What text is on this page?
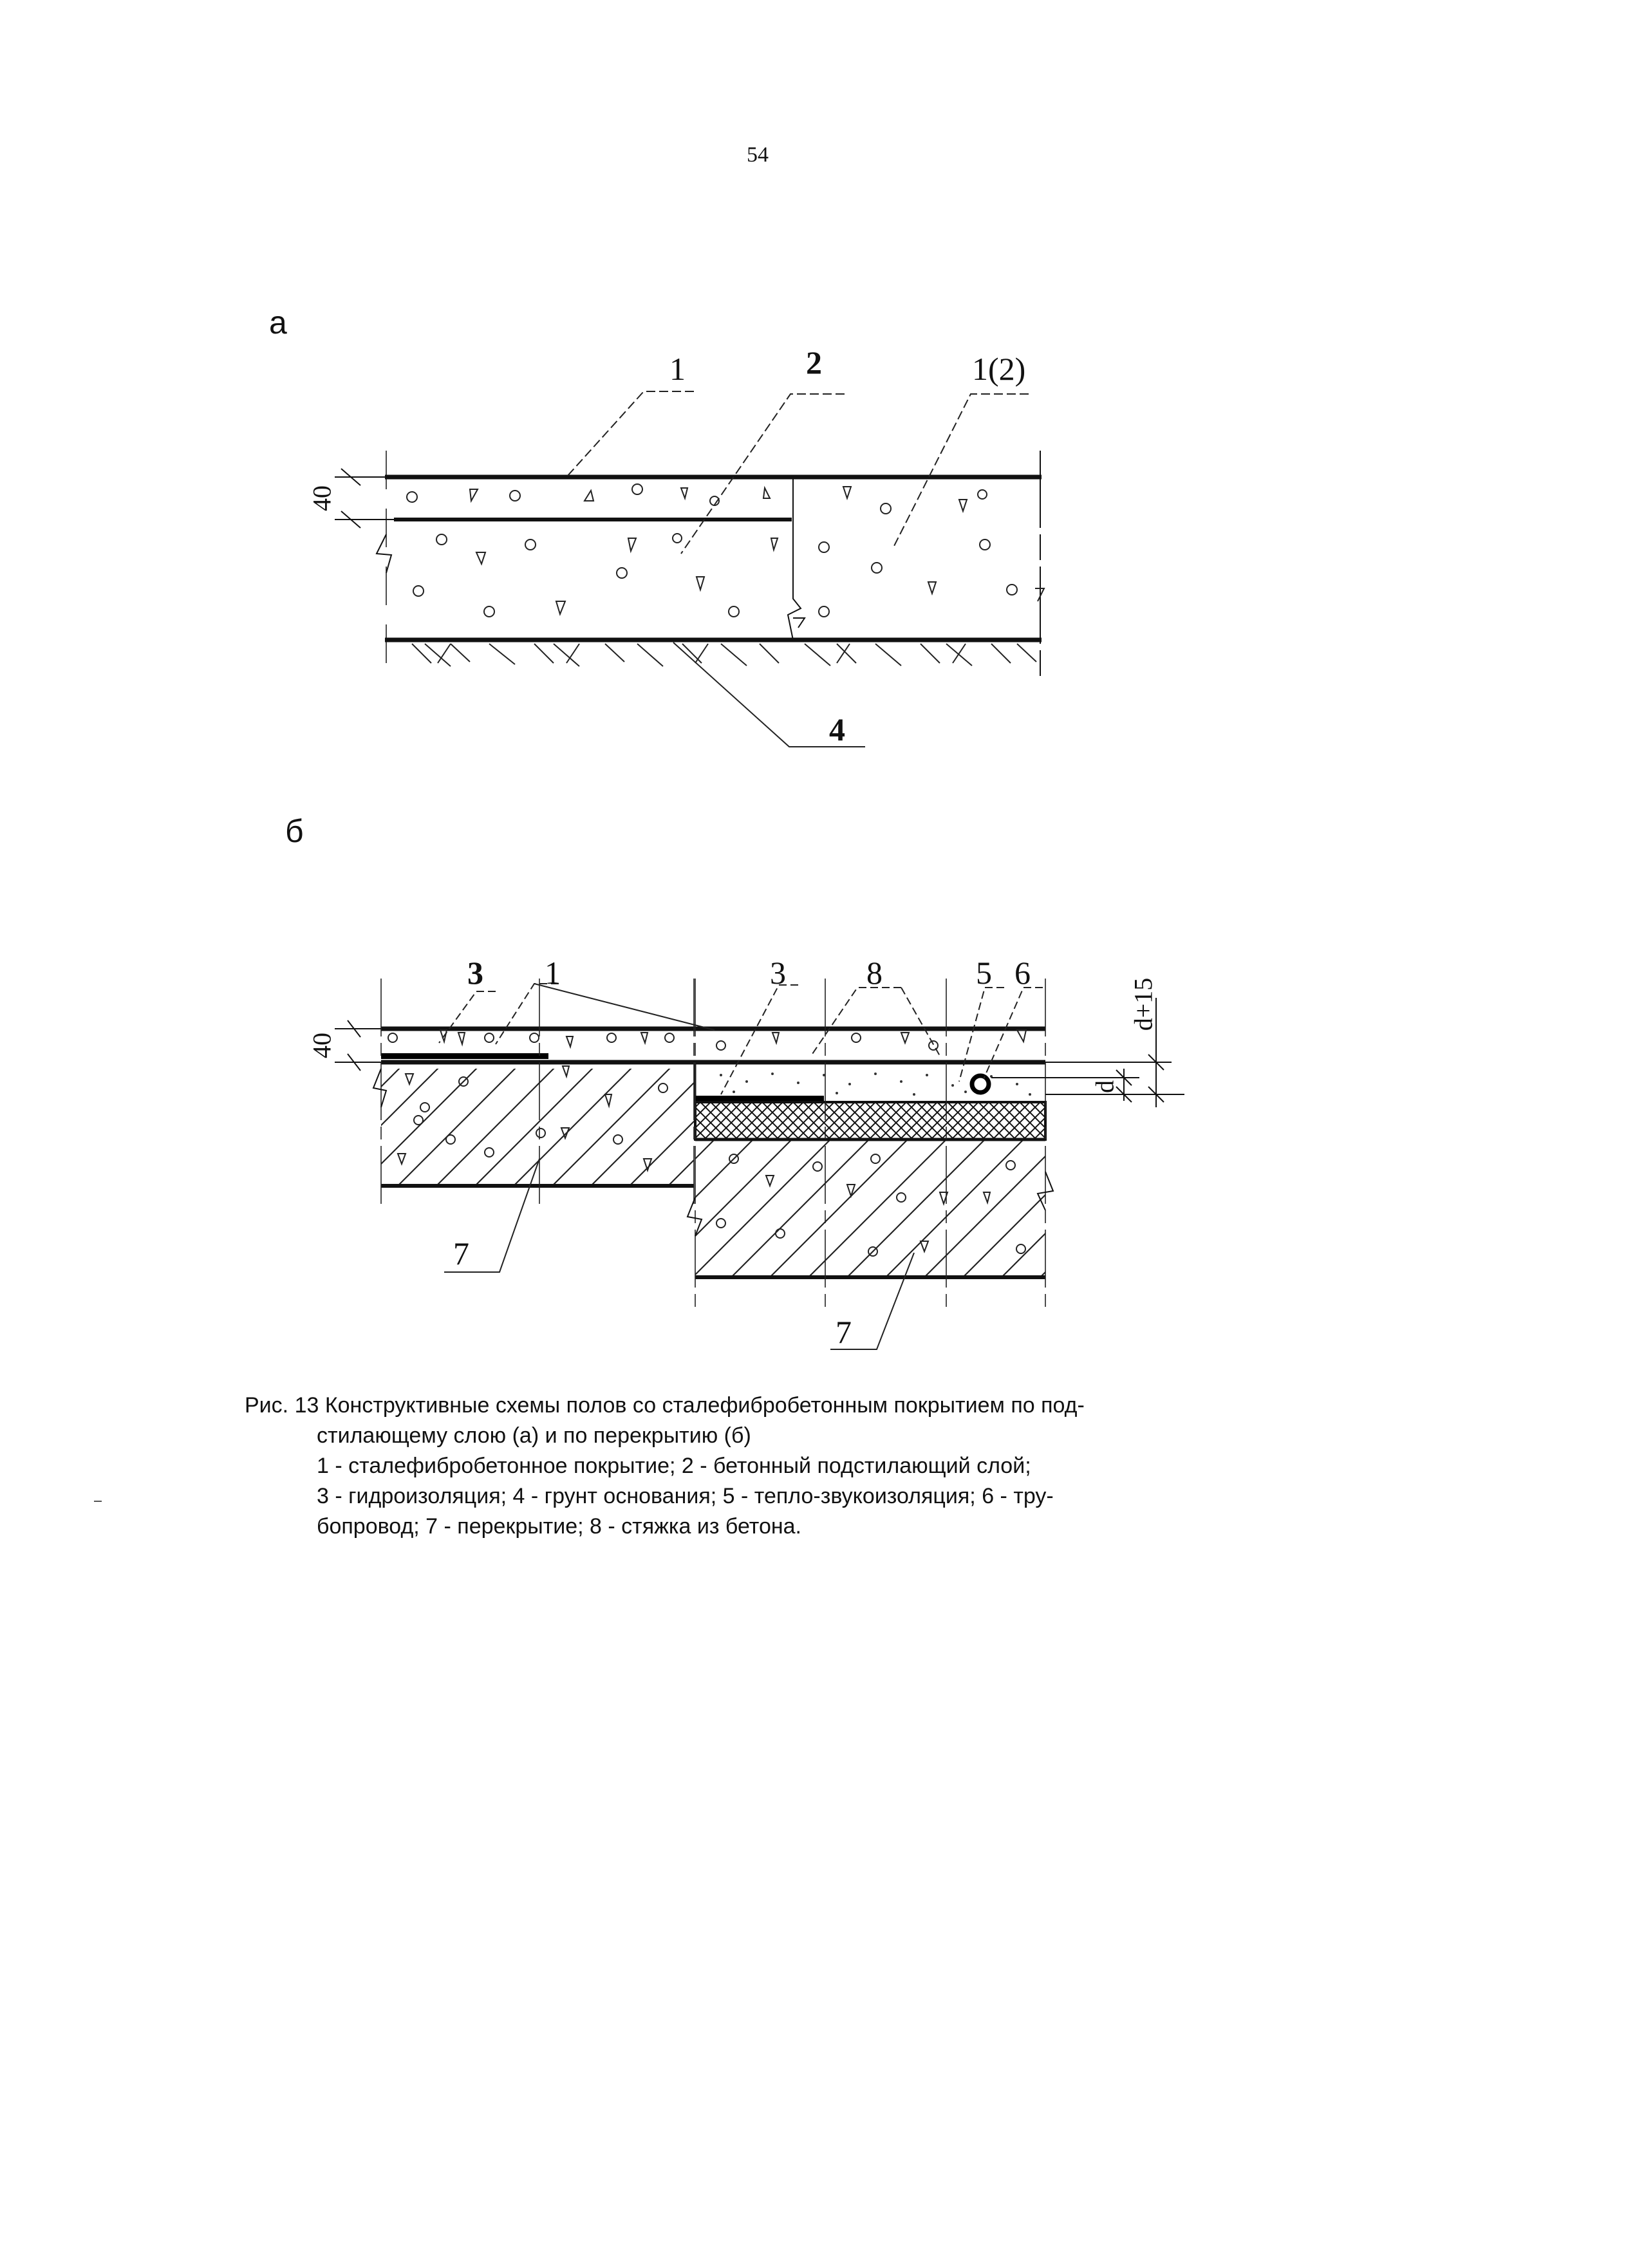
54
а
б
40
1	2	1(2)
4
40
d+15
d
3 1	3	8	5 6
7
7
Рис. 13 Конструктивные схемы полов со сталефибробетонным покрытием по под-
стилающему слою (а) и по перекрытию (б)
1 - сталефибробетонное покрытие; 2 - бетонный подстилающий слой;
3 - гидроизоляция; 4 - грунт основания; 5 - тепло-звукоизоляция; 6 - тру-
бопровод; 7 - перекрытие; 8 - стяжка из бетона.
